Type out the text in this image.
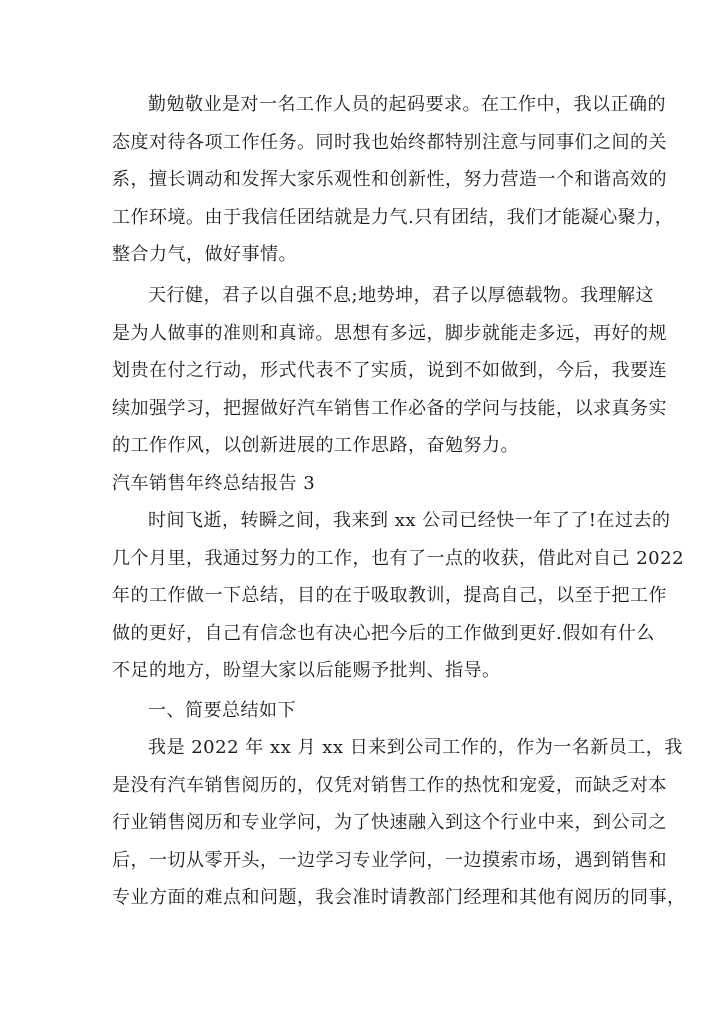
勤勉敬业是对一名工作人员的起码要求。在工作中，我以正确的
态度对待各项工作任务。同时我也始终都特别注意与同事们之间的关
系，擅长调动和发挥大家乐观性和创新性，努力营造一个和谐高效的
工作环境。由于我信任团结就是力气.只有团结，我们才能凝心聚力，
整合力气，做好事情。
天行健，君子以自强不息;地势坤，君子以厚德载物。我理解这
是为人做事的准则和真谛。思想有多远，脚步就能走多远，再好的规
划贵在付之行动，形式代表不了实质，说到不如做到，今后，我要连
续加强学习，把握做好汽车销售工作必备的学问与技能，以求真务实
的工作作风，以创新进展的工作思路，奋勉努力。
汽车销售年终总结报告 3
时间飞逝，转瞬之间，我来到 xx 公司已经快一年了了!在过去的
几个月里，我通过努力的工作，也有了一点的收获，借此对自己 2022
年的工作做一下总结，目的在于吸取教训，提高自己，以至于把工作
做的更好，自己有信念也有决心把今后的工作做到更好.假如有什么
不足的地方，盼望大家以后能赐予批判、指导。
一、简要总结如下
我是 2022 年 xx 月 xx 日来到公司工作的，作为一名新员工，我
是没有汽车销售阅历的，仅凭对销售工作的热忱和宠爱，而缺乏对本
行业销售阅历和专业学问，为了快速融入到这个行业中来，到公司之
后，一切从零开头，一边学习专业学问，一边摸索市场，遇到销售和
专业方面的难点和问题，我会准时请教部门经理和其他有阅历的同事，
